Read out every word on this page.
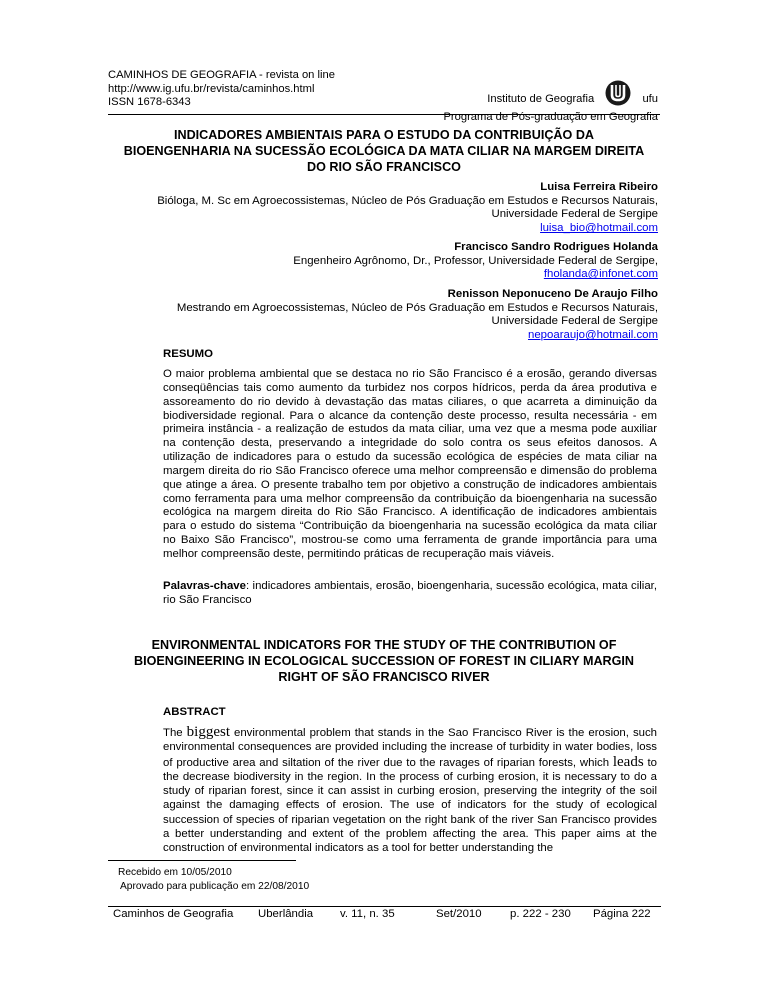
CAMINHOS DE GEOGRAFIA - revista on line
http://www.ig.ufu.br/revista/caminhos.html
ISSN 1678-6343	Instituto de Geografia	ufu
Programa de Pós-graduação em Geografia
INDICADORES AMBIENTAIS PARA O ESTUDO DA CONTRIBUIÇÃO DA
BIOENGENHARIA NA SUCESSÃO ECOLÓGICA DA MATA CILIAR NA MARGEM DIREITA
DO RIO SÃO FRANCISCO
Luisa Ferreira Ribeiro
Bióloga, M. Sc em Agroecossistemas, Núcleo de Pós Graduação em Estudos e Recursos Naturais,
Universidade Federal de Sergipe
luisa_bio@hotmail.com
Francisco Sandro Rodrigues Holanda
Engenheiro Agrônomo, Dr., Professor, Universidade Federal de Sergipe,
fholanda@infonet.com
Renisson Neponuceno De Araujo Filho
Mestrando em Agroecossistemas, Núcleo de Pós Graduação em Estudos e Recursos Naturais,
Universidade Federal de Sergipe
nepoaraujo@hotmail.com
RESUMO
O maior problema ambiental que se destaca no rio São Francisco é a erosão, gerando diversas conseqüências tais como aumento da turbidez nos corpos hídricos, perda da área produtiva e assoreamento do rio devido à devastação das matas ciliares, o que acarreta a diminuição da biodiversidade regional. Para o alcance da contenção deste processo, resulta necessária - em primeira instância - a realização de estudos da mata ciliar, uma vez que a mesma pode auxiliar na contenção desta, preservando a integridade do solo contra os seus efeitos danosos. A utilização de indicadores para o estudo da sucessão ecológica de espécies de mata ciliar na margem direita do rio São Francisco oferece uma melhor compreensão e dimensão do problema que atinge a área. O presente trabalho tem por objetivo a construção de indicadores ambientais como ferramenta para uma melhor compreensão da contribuição da bioengenharia na sucessão ecológica na margem direita do Rio São Francisco. A identificação de indicadores ambientais para o estudo do sistema “Contribuição da bioengenharia na sucessão ecológica da mata ciliar no Baixo São Francisco”, mostrou-se como uma ferramenta de grande importância para uma melhor compreensão deste, permitindo práticas de recuperação mais viáveis.
Palavras-chave: indicadores ambientais, erosão, bioengenharia, sucessão ecológica, mata ciliar, rio São Francisco
ENVIRONMENTAL INDICATORS FOR THE STUDY OF THE CONTRIBUTION OF
BIOENGINEERING IN ECOLOGICAL SUCCESSION OF FOREST IN CILIARY MARGIN
RIGHT OF SÃO FRANCISCO RIVER
ABSTRACT
The biggest environmental problem that stands in the Sao Francisco River is the erosion, such environmental consequences are provided including the increase of turbidity in water bodies, loss of productive area and siltation of the river due to the ravages of riparian forests, which leads to the decrease biodiversity in the region. In the process of curbing erosion, it is necessary to do a study of riparian forest, since it can assist in curbing erosion, preserving the integrity of the soil against the damaging effects of erosion. The use of indicators for the study of ecological succession of species of riparian vegetation on the right bank of the river San Francisco provides a better understanding and extent of the problem affecting the area. This paper aims at the construction of environmental indicators as a tool for better understanding the
Recebido em 10/05/2010
Aprovado para publicação em 22/08/2010
Caminhos de Geografia Uberlândia v. 11, n. 35	Set/2010 p. 222 - 230 Página 222
